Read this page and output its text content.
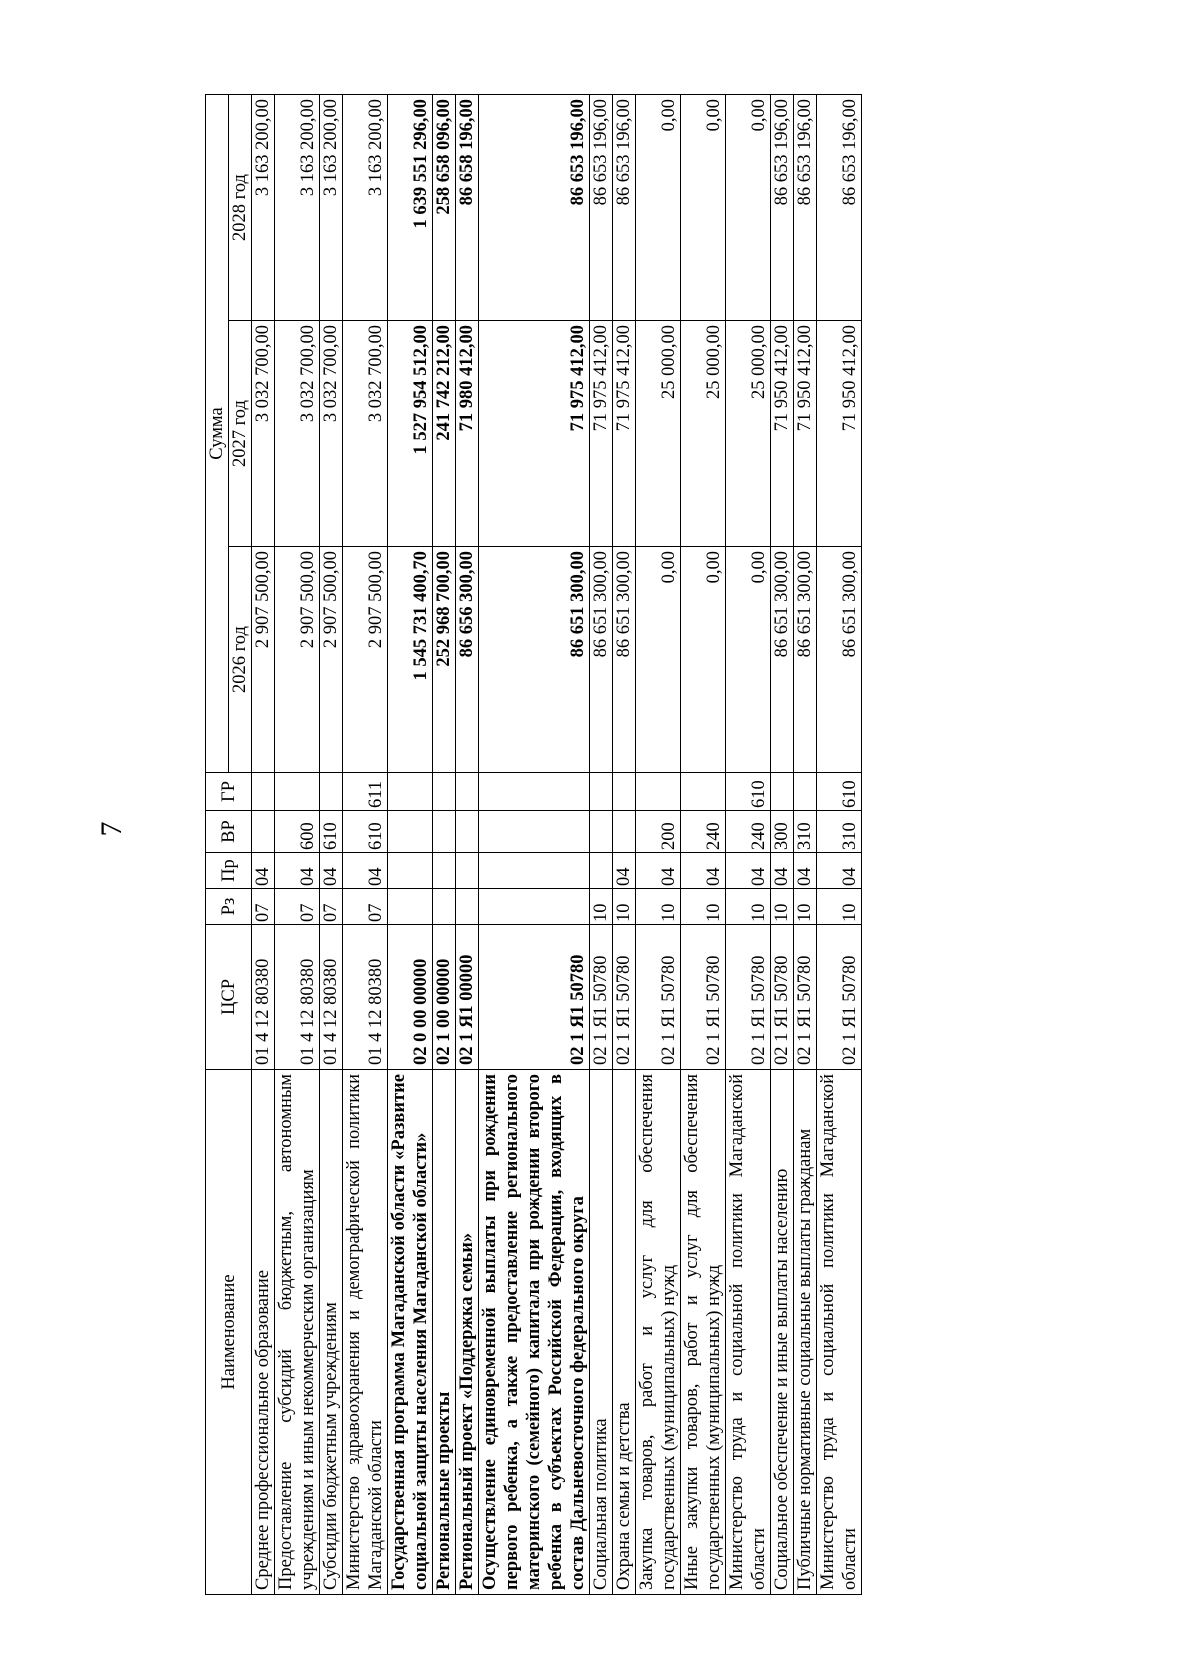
7
Наименование	ЦСР	Рз	Пр	ВР	ГР	Сумма		
						2026 год	2027 год	2028 год
Среднее профессиональное образование	01 4 12 80380	07	04			2 907 500,00	3 032 700,00	3 163 200,00
Предоставление субсидий бюджетным, автономным учреждениям и иным некоммерческим организациям	01 4 12 80380	07	04	600		2 907 500,00	3 032 700,00	3 163 200,00
Субсидии бюджетным учреждениям	01 4 12 80380	07	04	610		2 907 500,00	3 032 700,00	3 163 200,00
Министерство здравоохранения и демографической политики Магаданской области	01 4 12 80380	07	04	610	611	2 907 500,00	3 032 700,00	3 163 200,00
Государственная программа Магаданской области «Развитие социальной защиты населения Магаданской области»	02 0 00 00000					1 545 731 400,70	1 527 954 512,00	1 639 551 296,00
Региональные проекты	02 1 00 00000					252 968 700,00	241 742 212,00	258 658 096,00
Региональный проект «Поддержка семьи»	02 1 Я1 00000					86 656 300,00	71 980 412,00	86 658 196,00
Осуществление единовременной выплаты при рождении первого ребенка, а также предоставление регионального материнского (семейного) капитала при рождении второго ребенка в субъектах Российской Федерации, входящих в состав Дальневосточного федерального округа	02 1 Я1 50780					86 651 300,00	71 975 412,00	86 653 196,00
Социальная политика	02 1 Я1 50780	10				86 651 300,00	71 975 412,00	86 653 196,00
Охрана семьи и детства	02 1 Я1 50780	10	04			86 651 300,00	71 975 412,00	86 653 196,00
Закупка товаров, работ и услуг для обеспечения государственных (муниципальных) нужд	02 1 Я1 50780	10	04	200		0,00	25 000,00	0,00
Иные закупки товаров, работ и услуг для обеспечения государственных (муниципальных) нужд	02 1 Я1 50780	10	04	240		0,00	25 000,00	0,00
Министерство труда и социальной политики Магаданской области	02 1 Я1 50780	10	04	240	610	0,00	25 000,00	0,00
Социальное обеспечение и иные выплаты населению	02 1 Я1 50780	10	04	300		86 651 300,00	71 950 412,00	86 653 196,00
Публичные нормативные социальные выплаты гражданам	02 1 Я1 50780	10	04	310		86 651 300,00	71 950 412,00	86 653 196,00
Министерство труда и социальной политики Магаданской области	02 1 Я1 50780	10	04	310	610	86 651 300,00	71 950 412,00	86 653 196,00
